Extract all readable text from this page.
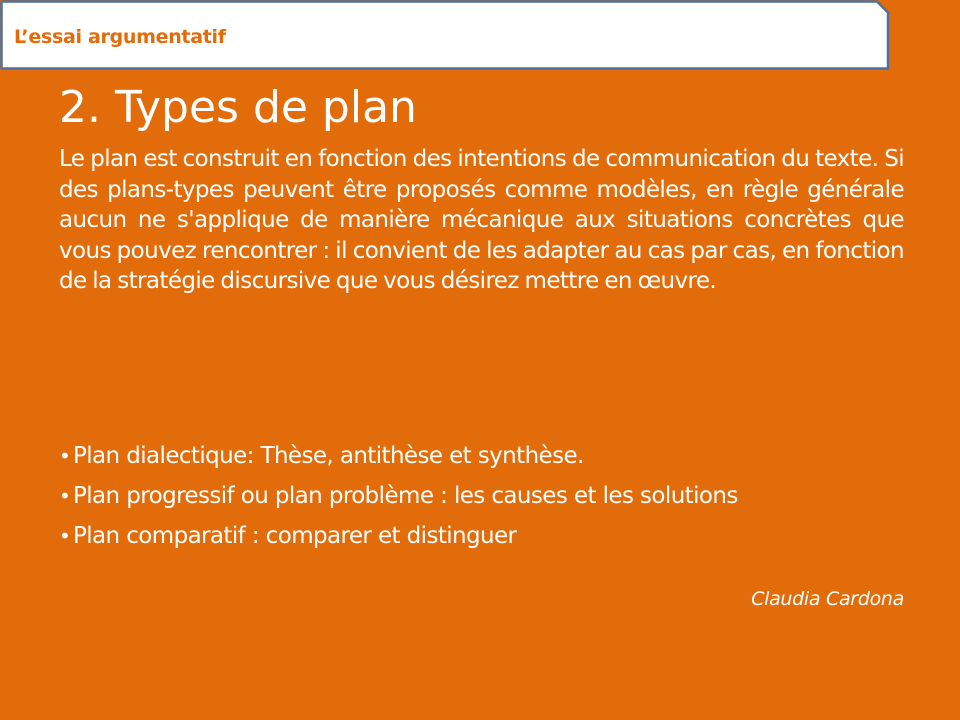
L’essai argumentatif
2. Types de plan

Le plan est construit en fonction des intentions de communication du texte. Si des plans-types peuvent être proposés comme modèles, en règle générale aucun ne s'applique de manière mécanique aux situations concrètes que vous pouvez rencontrer : il convient de les adapter au cas par cas, en fonction de la stratégie discursive que vous désirez mettre en œuvre.

• Plan dialectique: Thèse, antithèse et synthèse.
• Plan progressif ou plan problème : les causes et les solutions
• Plan comparatif : comparer et distinguer
Claudia Cardona
